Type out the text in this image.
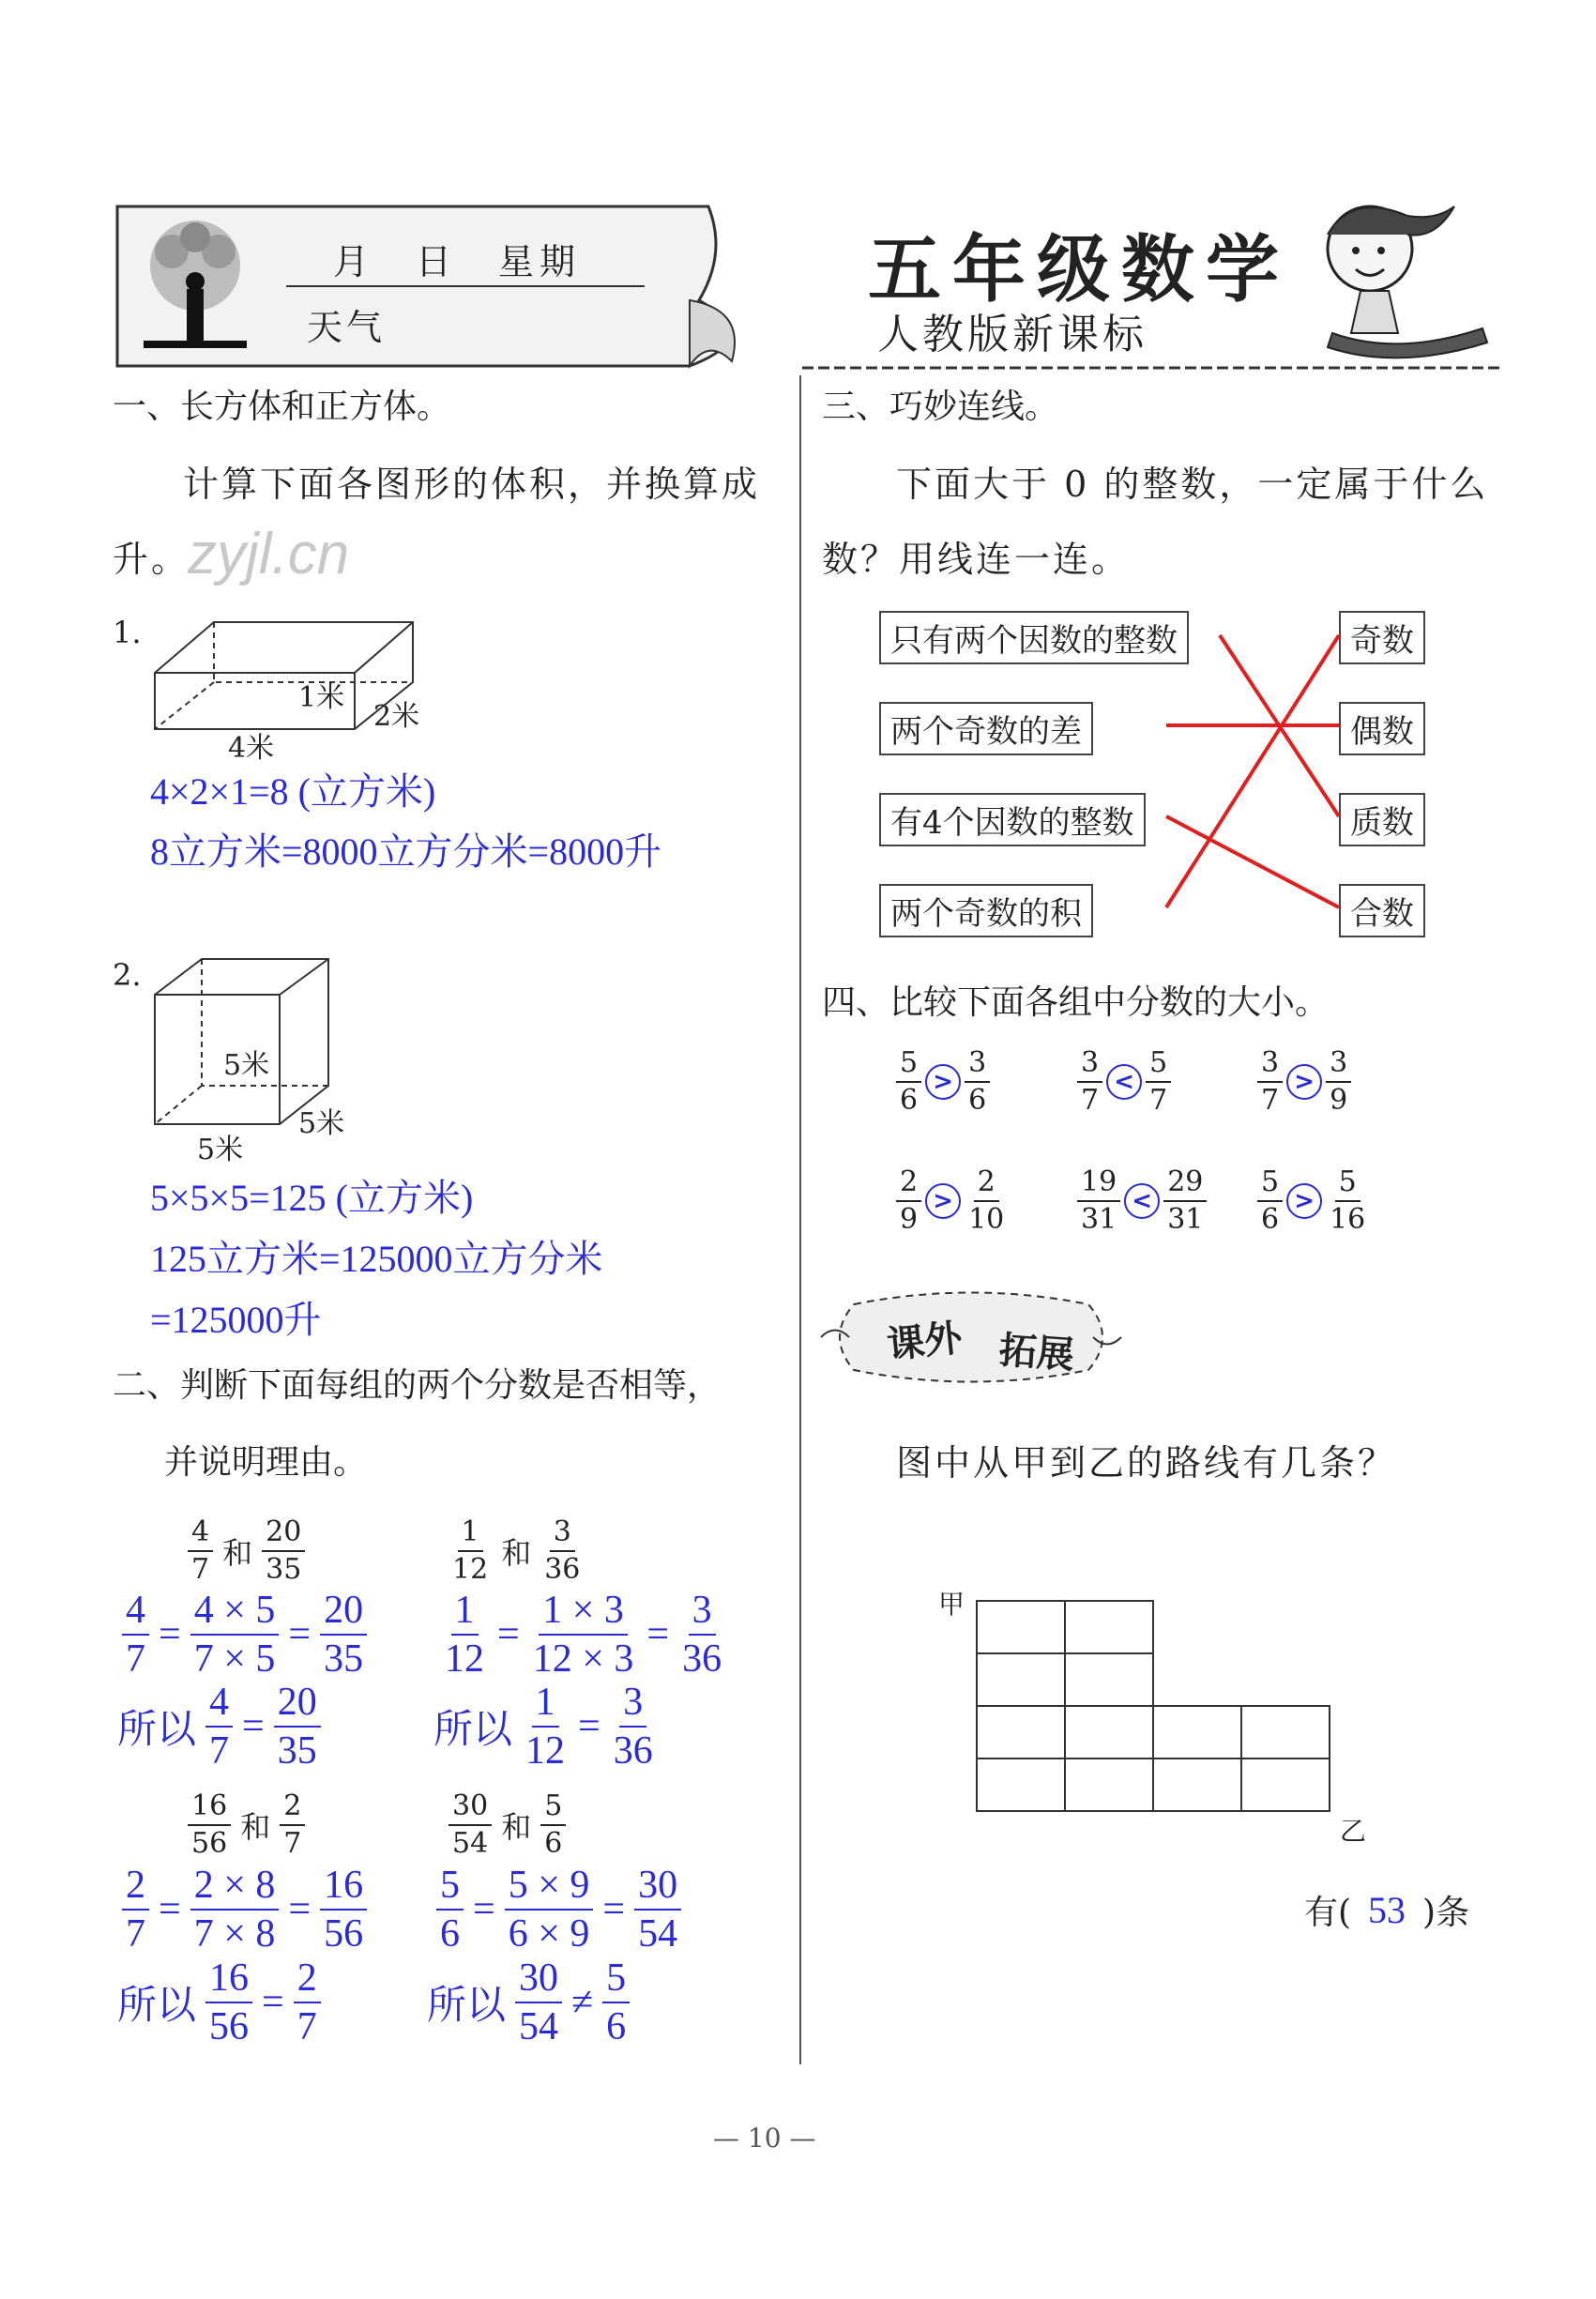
月　日　星期
天气
五年级数学
人教版新课标
一、长方体和正方体。
计算下面各图形的体积，并换算成
升。
zyjl.cn
1.
1米
2米
4米
4×2×1=8 (立方米)
8立方米=8000立方分米=8000升
2.
5米
5米
5米
5×5×5=125 (立方米)
125立方米=125000立方分米
=125000升
二、判断下面每组的两个分数是否相等，
并说明理由。
$\frac{4}{7}$ 和 $\frac{20}{35}$
$\frac{4}{7} = \frac{4 \times 5}{7 \times 5} = \frac{20}{35}$
所以 $\frac{4}{7} = \frac{20}{35}$
$\frac{1}{12}$ 和 $\frac{3}{36}$
$\frac{1}{12} = \frac{1 \times 3}{12 \times 3} = \frac{3}{36}$
所以 $\frac{1}{12} = \frac{3}{36}$
$\frac{16}{56}$ 和 $\frac{2}{7}$
$\frac{2}{7} = \frac{2 \times 8}{7 \times 8} = \frac{16}{56}$
所以 $\frac{16}{56} = \frac{2}{7}$
$\frac{30}{54}$ 和 $\frac{5}{6}$
$\frac{5}{6} = \frac{5 \times 9}{6 \times 9} = \frac{30}{54}$
所以 $\frac{30}{54} \ne \frac{5}{6}$
三、巧妙连线。
下面大于 0 的整数，一定属于什么
数？用线连一连。
只有两个因数的整数
两个奇数的差
有4个因数的整数
两个奇数的积
奇数
偶数
质数
合数
四、比较下面各组中分数的大小。
$\frac{5}{6} > \frac{3}{6}$	$\frac{3}{7} < \frac{5}{7}$	$\frac{3}{7} > \frac{3}{9}$
$\frac{2}{9} > \frac{2}{10} \frac{19}{31} < \frac{29}{31} \frac{5}{6} > \frac{5}{16}$
课外 拓展
图中从甲到乙的路线有几条？
甲
乙
有( 53 )条
— 10 —
